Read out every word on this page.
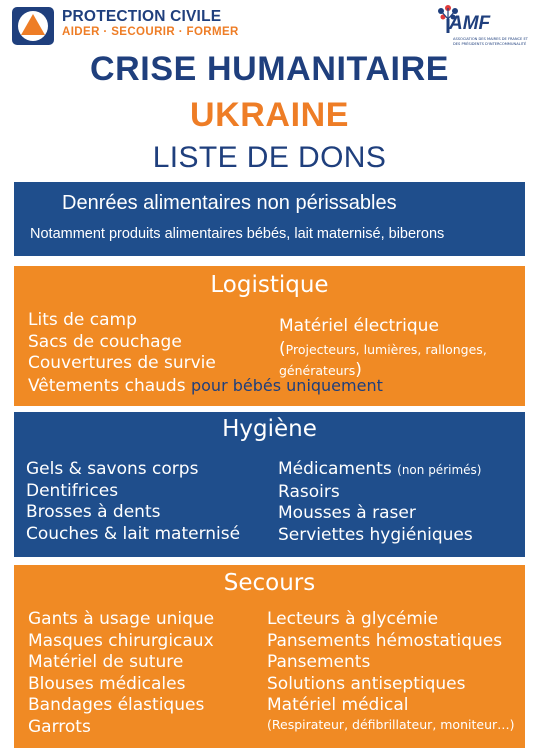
PROTECTION CIVILE
AIDER · SECOURIR · FORMER	AMF
ASSOCIATION DES MAIRES DE FRANCE ET DES PRÉSIDENTS D'INTERCOMMUNALITÉ
CRISE HUMANITAIRE
UKRAINE
LISTE DE DONS
Denrées alimentaires non périssables
Notamment produits alimentaires bébés, lait maternisé, biberons
Logistique
Lits de camp
Sacs de couchage
Couvertures de survie
Vêtements chauds pour bébés uniquement
Matériel électrique
(Projecteurs, lumières, rallonges, générateurs)
Hygiène
Gels & savons corps
Dentifrices
Brosses à dents
Couches & lait maternisé
Médicaments (non périmés)
Rasoirs
Mousses à raser
Serviettes hygiéniques
Secours
Gants à usage unique
Masques chirurgicaux
Matériel de suture
Blouses médicales
Bandages élastiques
Garrots
Lecteurs à glycémie
Pansements hémostatiques
Pansements
Solutions antiseptiques
Matériel médical
(Respirateur, défibrillateur, moniteur…)
